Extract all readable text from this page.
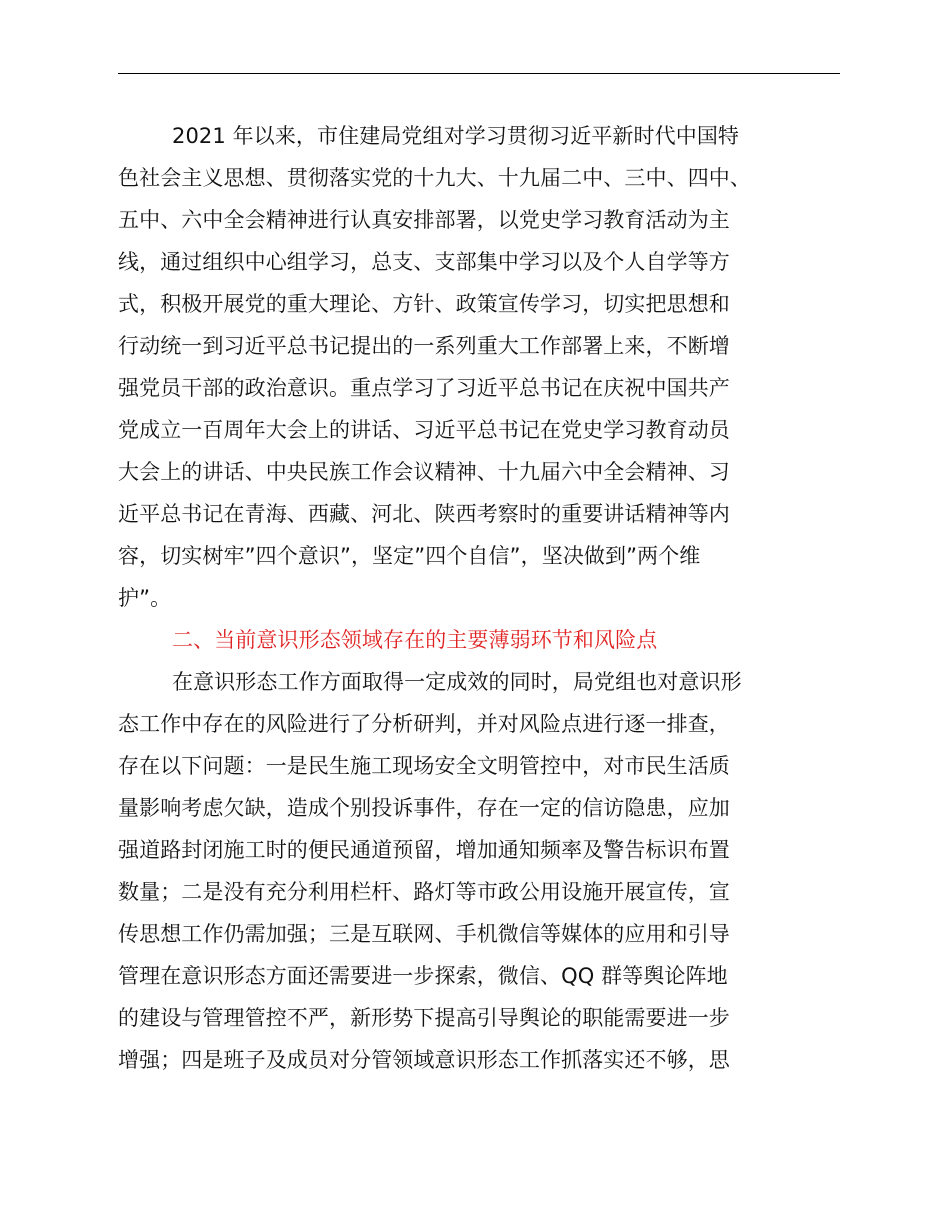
2021 年以来，市住建局党组对学习贯彻习近平新时代中国特
色社会主义思想、贯彻落实党的十九大、十九届二中、三中、四中、
五中、六中全会精神进行认真安排部署，以党史学习教育活动为主
线，通过组织中心组学习，总支、支部集中学习以及个人自学等方
式，积极开展党的重大理论、方针、政策宣传学习，切实把思想和
行动统一到习近平总书记提出的一系列重大工作部署上来，不断增
强党员干部的政治意识。重点学习了习近平总书记在庆祝中国共产
党成立一百周年大会上的讲话、习近平总书记在党史学习教育动员
大会上的讲话、中央民族工作会议精神、十九届六中全会精神、习
近平总书记在青海、西藏、河北、陕西考察时的重要讲话精神等内
容，切实树牢”四个意识”，坚定”四个自信”，坚决做到”两个维
护”。
二、当前意识形态领域存在的主要薄弱环节和风险点
在意识形态工作方面取得一定成效的同时，局党组也对意识形
态工作中存在的风险进行了分析研判，并对风险点进行逐一排查，
存在以下问题：一是民生施工现场安全文明管控中，对市民生活质
量影响考虑欠缺，造成个别投诉事件，存在一定的信访隐患，应加
强道路封闭施工时的便民通道预留，增加通知频率及警告标识布置
数量；二是没有充分利用栏杆、路灯等市政公用设施开展宣传，宣
传思想工作仍需加强；三是互联网、手机微信等媒体的应用和引导
管理在意识形态方面还需要进一步探索，微信、QQ 群等舆论阵地
的建设与管理管控不严，新形势下提高引导舆论的职能需要进一步
增强；四是班子及成员对分管领域意识形态工作抓落实还不够，思
